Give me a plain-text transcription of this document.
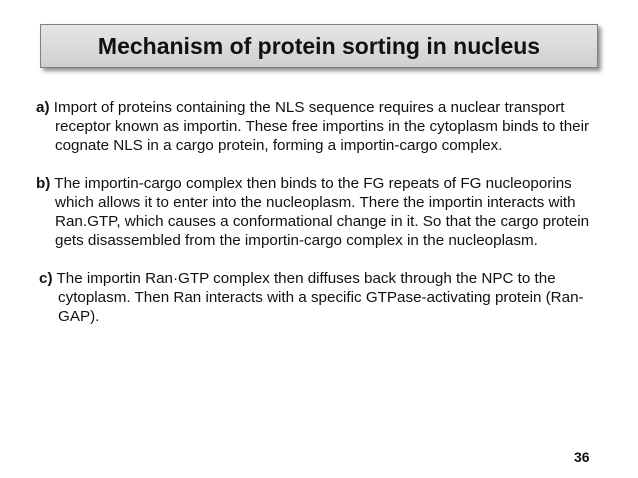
Mechanism of protein sorting in nucleus

a) Import of proteins containing the NLS sequence requires a nuclear transport receptor known as importin. These free importins in the cytoplasm binds to their cognate NLS in a cargo protein, forming a importin-cargo complex.

b) The importin-cargo complex then binds to the FG repeats of FG nucleoporins which allows it to enter into the nucleoplasm. There the importin interacts with Ran.GTP, which causes a conformational change in it. So that the cargo protein gets disassembled from the importin-cargo complex in the nucleoplasm.

c) The importin Ran·GTP complex then diffuses back through the NPC to the cytoplasm. Then Ran interacts with a specific GTPase-activating protein (Ran-GAP).

36
